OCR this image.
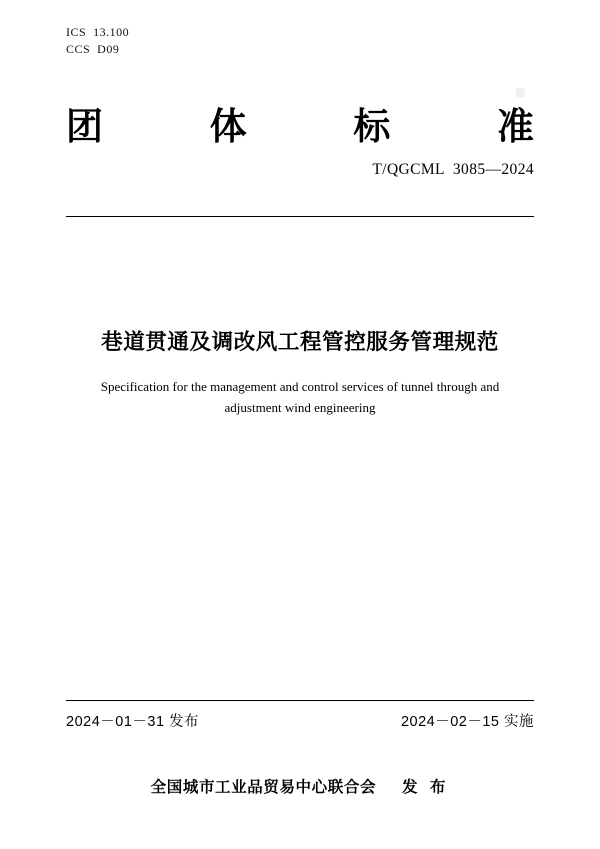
ICS  13.100
CCS  D09
团	体	标	准
T/QGCML  3085—2024
巷道贯通及调改风工程管控服务管理规范
Specification for the management and control services of tunnel through and
adjustment wind engineering
2024－01－31 发布	2024－02－15 实施
全国城市工业品贸易中心联合会 发 布
